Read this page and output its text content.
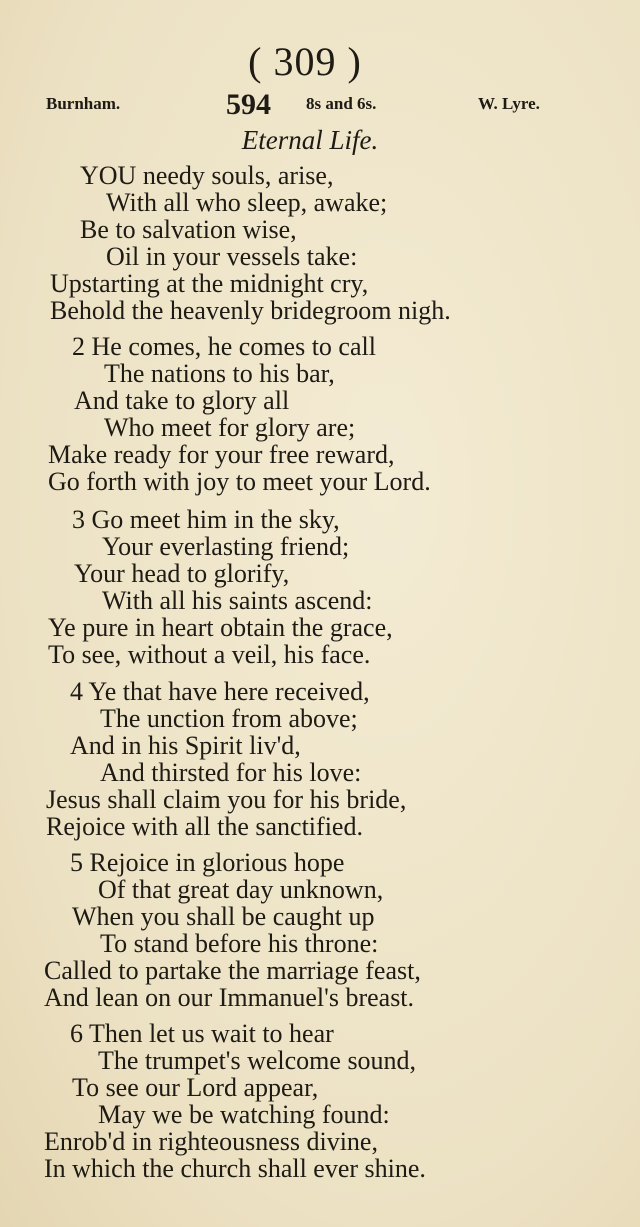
( 309 )
Burnham.	594 8s and 6s.	W. Lyre.
Eternal Life.
YOU needy souls, arise,
With all who sleep, awake;
Be to salvation wise,
Oil in your vessels take:
Upstarting at the midnight cry,
Behold the heavenly bridegroom nigh.
2 He comes, he comes to call
The nations to his bar,
And take to glory all
Who meet for glory are;
Make ready for your free reward,
Go forth with joy to meet your Lord.
3 Go meet him in the sky,
Your everlasting friend;
Your head to glorify,
With all his saints ascend:
Ye pure in heart obtain the grace,
To see, without a veil, his face.
4 Ye that have here received,
The unction from above;
And in his Spirit liv'd,
And thirsted for his love:
Jesus shall claim you for his bride,
Rejoice with all the sanctified.
5 Rejoice in glorious hope
Of that great day unknown,
When you shall be caught up
To stand before his throne:
Called to partake the marriage feast,
And lean on our Immanuel's breast.
6 Then let us wait to hear
The trumpet's welcome sound,
To see our Lord appear,
May we be watching found:
Enrob'd in righteousness divine,
In which the church shall ever shine.
